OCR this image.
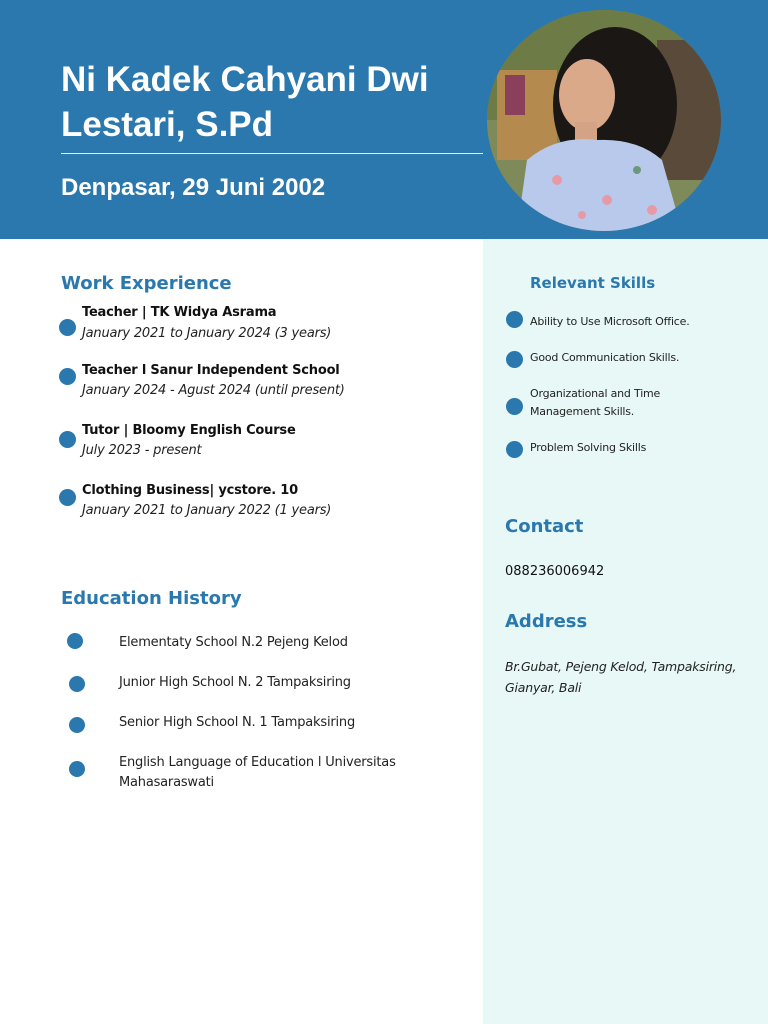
Ni Kadek Cahyani Dwi Lestari, S.Pd
Denpasar, 29 Juni 2002
Work Experience
Teacher | TK Widya Asrama
January 2021 to January 2024 (3 years)
Teacher l Sanur Independent School
January 2024 - Agust 2024 (until present)
Tutor | Bloomy English Course
July 2023 - present
Clothing Business| ycstore. 10
January 2021 to January 2022 (1 years)
Education History
Elementaty School N.2 Pejeng Kelod
Junior High School N. 2 Tampaksiring
Senior High School N. 1 Tampaksiring
English Language of Education l Universitas Mahasaraswati
Relevant Skills
Ability to Use Microsoft Office.
Good Communication Skills.
Organizational and Time Management Skills.
Problem Solving Skills
Contact
088236006942
Address
Br.Gubat, Pejeng Kelod, Tampaksiring, Gianyar, Bali
